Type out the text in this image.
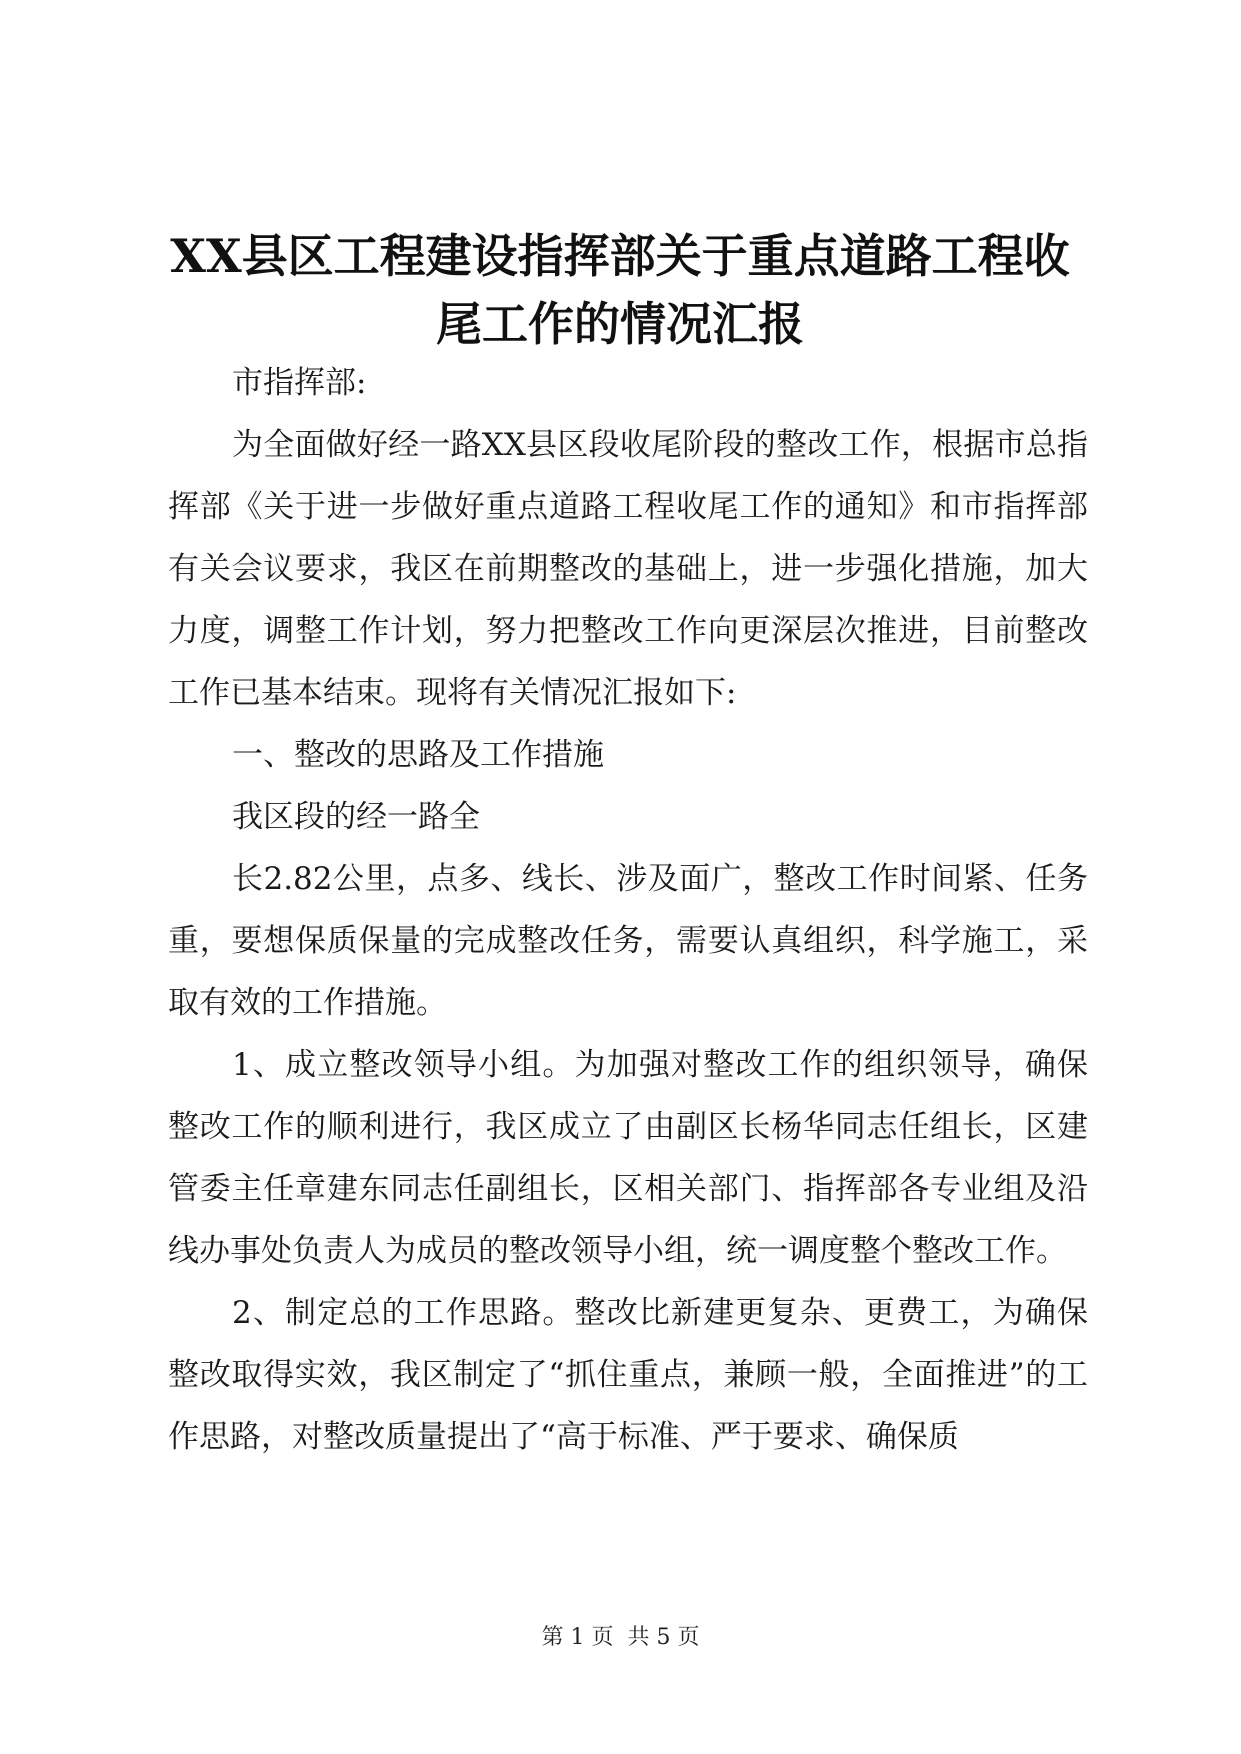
XX县区工程建设指挥部关于重点道路工程收
尾工作的情况汇报

市指挥部:

为全面做好经一路XX县区段收尾阶段的整改工作，根据市总指挥部《关于进一步做好重点道路工程收尾工作的通知》和市指挥部有关会议要求，我区在前期整改的基础上，进一步强化措施，加大力度，调整工作计划，努力把整改工作向更深层次推进，目前整改工作已基本结束。现将有关情况汇报如下:

一、整改的思路及工作措施

我区段的经一路全

长2.82公里，点多、线长、涉及面广，整改工作时间紧、任务重，要想保质保量的完成整改任务，需要认真组织，科学施工，采取有效的工作措施。

1、成立整改领导小组。为加强对整改工作的组织领导，确保整改工作的顺利进行，我区成立了由副区长杨华同志任组长，区建管委主任章建东同志任副组长，区相关部门、指挥部各专业组及沿线办事处负责人为成员的整改领导小组，统一调度整个整改工作。

2、制定总的工作思路。整改比新建更复杂、更费工，为确保整改取得实效，我区制定了“抓住重点，兼顾一般，全面推进”的工作思路，对整改质量提出了“高于标准、严于要求、确保质

第 1 页  共 5 页
